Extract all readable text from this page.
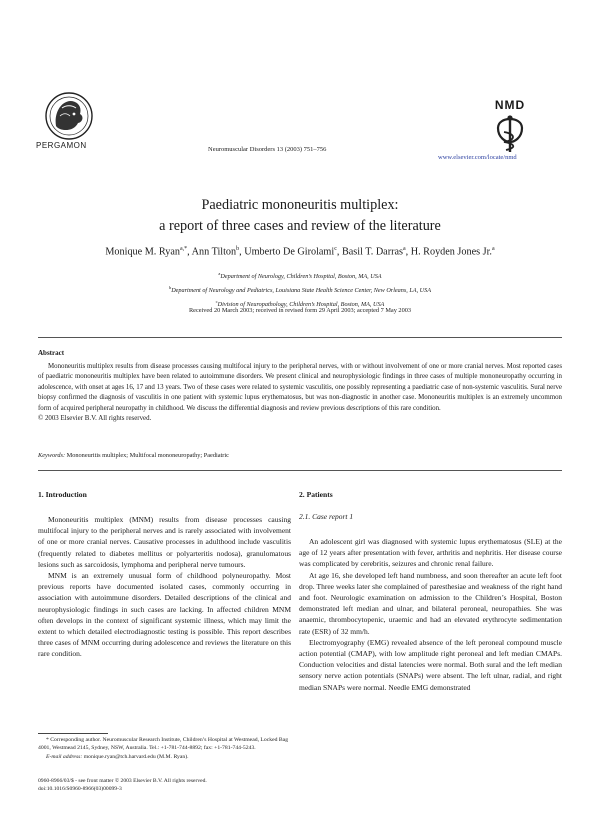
PERGAMON	Neuromuscular Disorders 13 (2003) 751–756
NMD
www.elsevier.com/locate/nmd
Paediatric mononeuritis multiplex:
a report of three cases and review of the literature
Monique M. Ryan$^{a,*}$, Ann Tilton$^b$, Umberto De Girolami$^c$, Basil T. Darras$^a$, H. Royden Jones Jr.$^a$
$^a$Department of Neurology, Children’s Hospital, Boston, MA, USA
$^b$Department of Neurology and Pediatrics, Louisiana State Health Science Center, New Orleans, LA, USA
$^c$Division of Neuropathology, Children’s Hospital, Boston, MA, USA
Received 20 March 2003; received in revised form 29 April 2003; accepted 7 May 2003
Abstract

Mononeuritis multiplex results from disease processes causing multifocal injury to the peripheral nerves, with or without involvement of one or more cranial nerves. Most reported cases of paediatric mononeuritis multiplex have been related to autoimmune disorders. We present clinical and neurophysiologic findings in three cases of multiple mononeuropathy occurring in adolescence, with onset at ages 16, 17 and 13 years. Two of these cases were related to systemic vasculitis, one possibly representing a paediatric case of non-systemic vasculitis. Sural nerve biopsy confirmed the diagnosis of vasculitis in one patient with systemic lupus erythematosus, but was non-diagnostic in another case. Mononeuritis multiplex is an extremely uncommon form of acquired peripheral neuropathy in childhood. We discuss the differential diagnosis and review previous descriptions of this rare condition.

© 2003 Elsevier B.V. All rights reserved.

Keywords: Mononeuritis multiplex; Multifocal mononeuropathy; Paediatric
1. Introduction

Mononeuritis multiplex (MNM) results from disease processes causing multifocal injury to the peripheral nerves and is rarely associated with involvement of one or more cranial nerves. Causative processes in adulthood include vasculitis (frequently related to diabetes mellitus or polyarteritis nodosa), granulomatous lesions such as sarcoidosis, lymphoma and peripheral nerve tumours.

MNM is an extremely unusual form of childhood polyneuropathy. Most previous reports have documented isolated cases, commonly occurring in association with autoimmune disorders. Detailed descriptions of the clinical and neurophysiologic findings in such cases are lacking. In affected children MNM often develops in the context of significant systemic illness, which may limit the extent to which detailed electrodiagnostic testing is possible. This report describes three cases of MNM occurring during adolescence and reviews the literature on this rare condition.

* Corresponding author. Neuromuscular Research Institute, Children’s Hospital at Westmead, Locked Bag 4001, Westmead 2145, Sydney, NSW, Australia. Tel.: +1-781-744-8892; fax: +1-781-744-5243.

E-mail address: monique.ryan@tch.harvard.edu (M.M. Ryan).

0960-8966/03/$ - see front matter © 2003 Elsevier B.V. All rights reserved.
doi:10.1016/S0960-8966(03)00099-3
2. Patients
2.1. Case report 1

An adolescent girl was diagnosed with systemic lupus erythematosus (SLE) at the age of 12 years after presentation with fever, arthritis and nephritis. Her disease course was complicated by cerebritis, seizures and chronic renal failure.

At age 16, she developed left hand numbness, and soon thereafter an acute left foot drop. Three weeks later she complained of paresthesiae and weakness of the right hand and foot. Neurologic examination on admission to the Children’s Hospital, Boston demonstrated left median and ulnar, and bilateral peroneal, neuropathies. She was anaemic, thrombocytopenic, uraemic and had an elevated erythrocyte sedimentation rate (ESR) of 32 mm/h.

Electromyography (EMG) revealed absence of the left peroneal compound muscle action potential (CMAP), with low amplitude right peroneal and left median CMAPs. Conduction velocities and distal latencies were normal. Both sural and the left median sensory nerve action potentials (SNAPs) were absent. The left ulnar, radial, and right median SNAPs were normal. Needle EMG demonstrated
